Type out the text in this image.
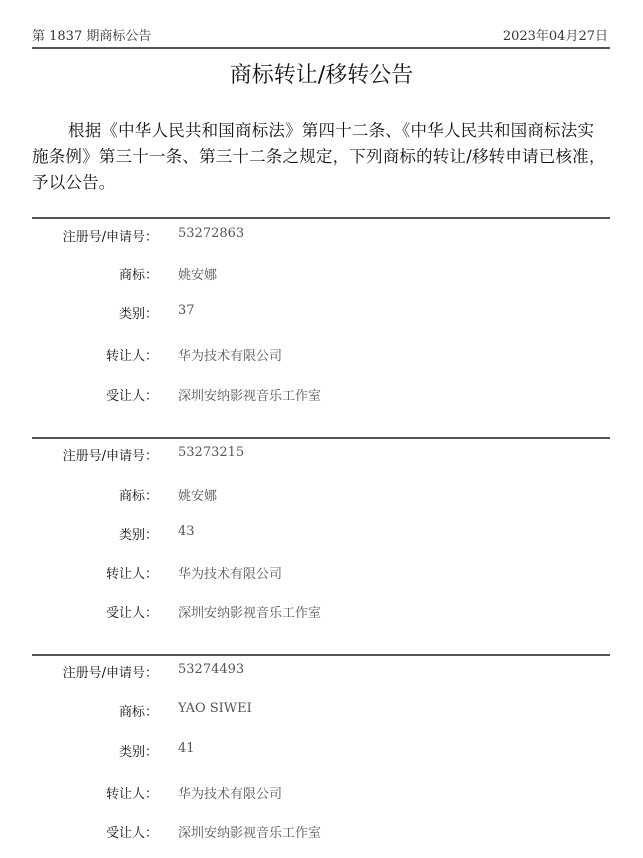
第 1837 期商标公告	2023年04月27日
商标转让/移转公告
根据《中华人民共和国商标法》第四十二条、《中华人民共和国商标法实施条例》第三十一条、第三十二条之规定，下列商标的转让/移转申请已核准，予以公告。
注册号/申请号： 53272863
商标： 姚安娜
类别： 37
转让人： 华为技术有限公司
受让人： 深圳安纳影视音乐工作室
注册号/申请号： 53273215
商标： 姚安娜
类别： 43
转让人： 华为技术有限公司
受让人： 深圳安纳影视音乐工作室
注册号/申请号： 53274493
商标： YAO SIWEI
类别： 41
转让人： 华为技术有限公司
受让人： 深圳安纳影视音乐工作室
